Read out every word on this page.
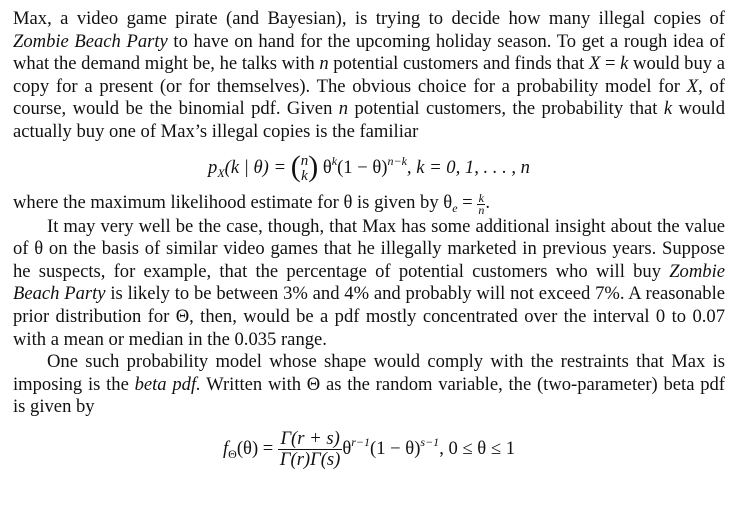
Max, a video game pirate (and Bayesian), is trying to decide how many illegal copies of Zombie Beach Party to have on hand for the upcoming holiday season. To get a rough idea of what the demand might be, he talks with n potential customers and finds that X = k would buy a copy for a present (or for themselves). The obvious choice for a probability model for X, of course, would be the binomial pdf. Given n potential customers, the probability that k would actually buy one of Max’s illegal copies is the familiar

$p_X(k$ | θ) = ( n
k ) $\theta^k(1 - \theta)^{n-k}$, k = 0, 1, . . . , n

where the maximum likelihood estimate for θ is given by $\theta_e = \frac{k}{n}$ .

It may very well be the case, though, that Max has some additional insight about the value of θ on the basis of similar video games that he illegally marketed in previous years. Suppose he suspects, for example, that the percentage of potential customers who will buy Zombie Beach Party is likely to be between 3% and 4% and probably will not exceed 7%. A reasonable prior distribution for Θ, then, would be a pdf mostly concentrated over the interval 0 to 0.07 with a mean or median in the 0.035 range.

One such probability model whose shape would comply with the restraints that Max is imposing is the beta pdf. Written with Θ as the random variable, the (two-parameter) beta pdf is given by

$f_\Theta(\theta) = \frac{\Gamma(r + s)}{\Gamma(r)\Gamma(s)} \theta^{r-1}(1 - \theta)^{s-1}$, 0 ≤ θ ≤ 1
